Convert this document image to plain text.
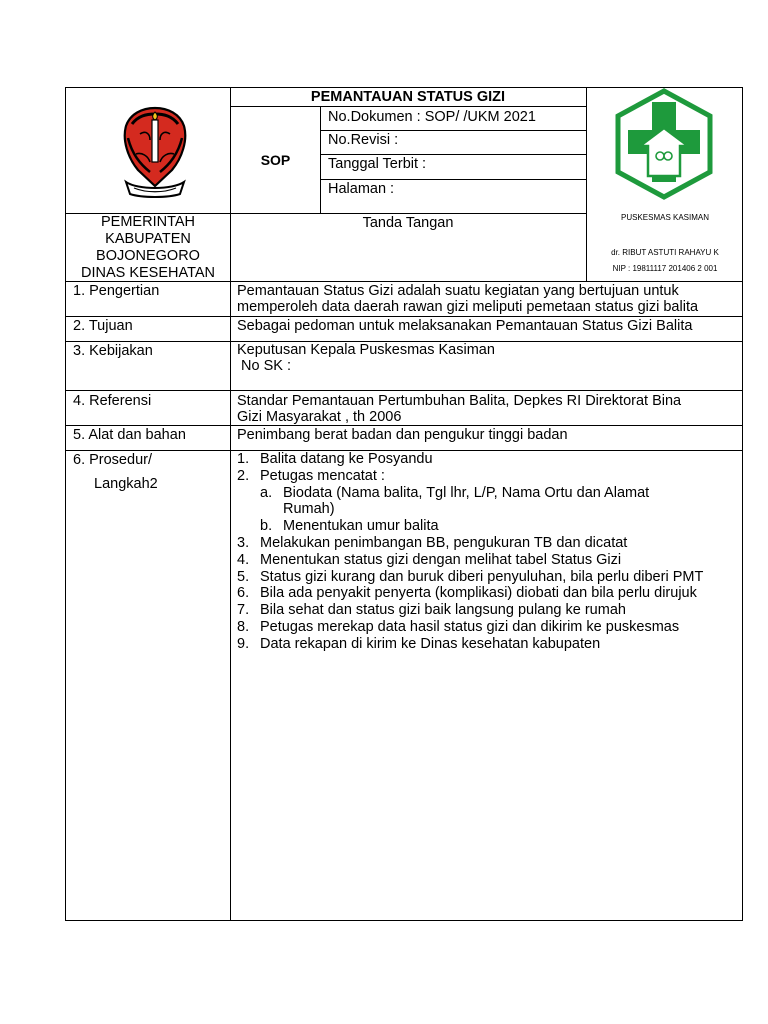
PEMANTAUAN STATUS GIZI
SOP
No.Dokumen : SOP/ /UKM 2021
No.Revisi :
Tanggal Terbit :
Halaman :
PEMERINTAH
KABUPATEN
BOJONEGORO
DINAS KESEHATAN
Tanda Tangan	PUSKESMAS KASIMAN
dr. RIBUT ASTUTI RAHAYU K
NIP : 19811117 201406 2 001
1. Pengertian
2. Tujuan
3. Kebijakan
4. Referensi
5. Alat dan bahan
6. Prosedur/
Langkah2
Pemantauan Status Gizi adalah suatu kegiatan yang bertujuan untuk
memperoleh data daerah rawan gizi meliputi pemetaan status gizi balita
Sebagai pedoman untuk melaksanakan Pemantauan Status Gizi Balita
Keputusan Kepala Puskesmas Kasiman
No SK :
Standar Pemantauan Pertumbuhan Balita, Depkes RI Direktorat Bina
Gizi Masyarakat , th 2006
Penimbang berat badan dan pengukur tinggi badan
1. Balita datang ke Posyandu
2. Petugas mencatat :
a. Biodata (Nama balita, Tgl lhr, L/P, Nama Ortu dan Alamat
Rumah)
b. Menentukan umur balita
3. Melakukan penimbangan BB, pengukuran TB dan dicatat
4. Menentukan status gizi dengan melihat tabel Status Gizi
5. Status gizi kurang dan buruk diberi penyuluhan, bila perlu diberi PMT
6. Bila ada penyakit penyerta (komplikasi) diobati dan bila perlu dirujuk
7. Bila sehat dan status gizi baik langsung pulang ke rumah
8. Petugas merekap data hasil status gizi dan dikirim ke puskesmas
9. Data rekapan di kirim ke Dinas kesehatan kabupaten
